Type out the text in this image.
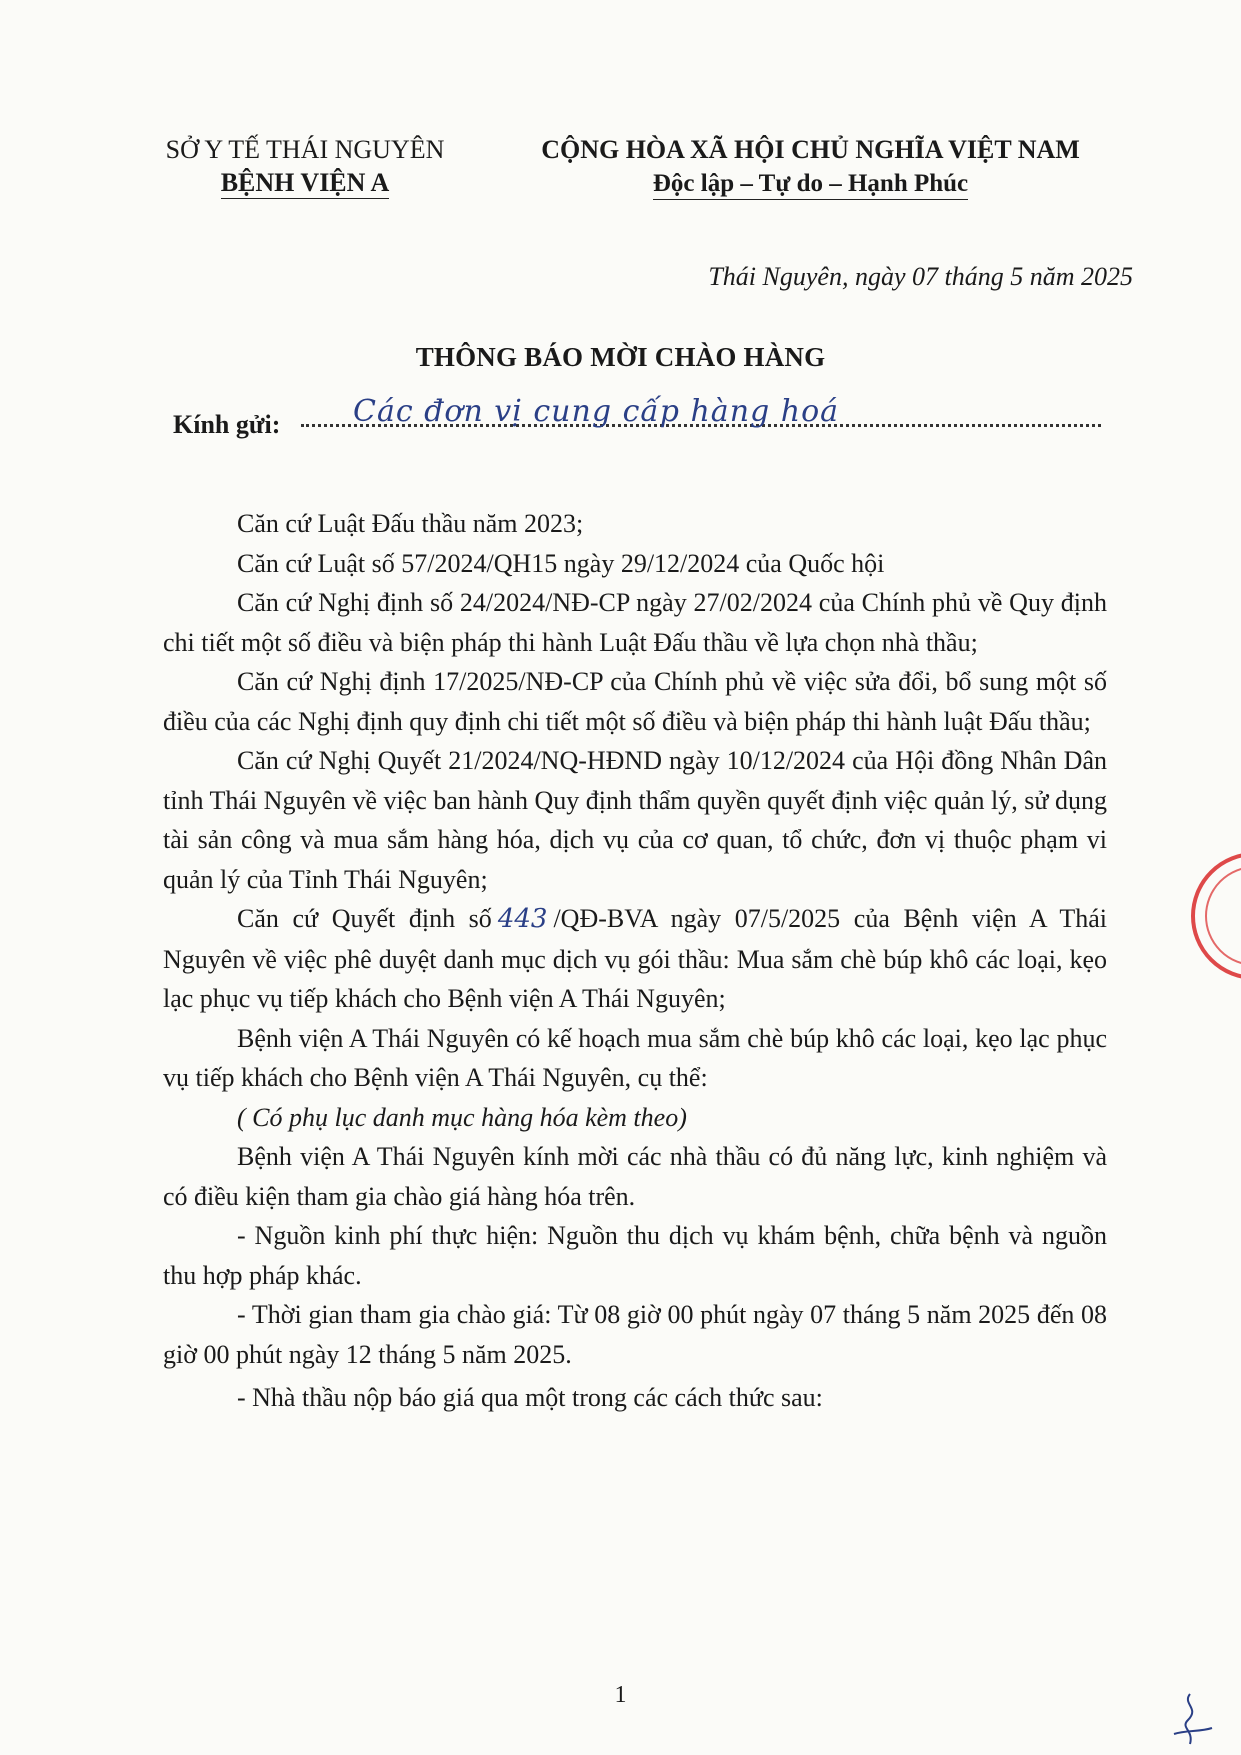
SỞ Y TẾ THÁI NGUYÊN
BỆNH VIỆN A
CỘNG HÒA XÃ HỘI CHỦ NGHĨA VIỆT NAM
Độc lập – Tự do – Hạnh Phúc
Thái Nguyên, ngày 07 tháng 5 năm 2025
THÔNG BÁO MỜI CHÀO HÀNG
Kính gửi: Các đơn vị cung cấp hàng hoá

Căn cứ Luật Đấu thầu năm 2023;

Căn cứ Luật số 57/2024/QH15 ngày 29/12/2024 của Quốc hội

Căn cứ Nghị định số 24/2024/NĐ-CP ngày 27/02/2024 của Chính phủ về Quy định chi tiết một số điều và biện pháp thi hành Luật Đấu thầu về lựa chọn nhà thầu;

Căn cứ Nghị định 17/2025/NĐ-CP của Chính phủ về việc sửa đổi, bổ sung một số điều của các Nghị định quy định chi tiết một số điều và biện pháp thi hành luật Đấu thầu;

Căn cứ Nghị Quyết 21/2024/NQ-HĐND ngày 10/12/2024 của Hội đồng Nhân Dân tỉnh Thái Nguyên về việc ban hành Quy định thẩm quyền quyết định việc quản lý, sử dụng tài sản công và mua sắm hàng hóa, dịch vụ của cơ quan, tổ chức, đơn vị thuộc phạm vi quản lý của Tỉnh Thái Nguyên;

Căn cứ Quyết định số 443 /QĐ-BVA ngày 07/5/2025 của Bệnh viện A Thái Nguyên về việc phê duyệt danh mục dịch vụ gói thầu: Mua sắm chè búp khô các loại, kẹo lạc phục vụ tiếp khách cho Bệnh viện A Thái Nguyên;

Bệnh viện A Thái Nguyên có kế hoạch mua sắm chè búp khô các loại, kẹo lạc phục vụ tiếp khách cho Bệnh viện A Thái Nguyên, cụ thể:

( Có phụ lục danh mục hàng hóa kèm theo)

Bệnh viện A Thái Nguyên kính mời các nhà thầu có đủ năng lực, kinh nghiệm và có điều kiện tham gia chào giá hàng hóa trên.

- Nguồn kinh phí thực hiện: Nguồn thu dịch vụ khám bệnh, chữa bệnh và nguồn thu hợp pháp khác.

- Thời gian tham gia chào giá: Từ 08 giờ 00 phút ngày 07 tháng 5 năm 2025 đến 08 giờ 00 phút ngày 12 tháng 5 năm 2025.

- Nhà thầu nộp báo giá qua một trong các cách thức sau:

1
